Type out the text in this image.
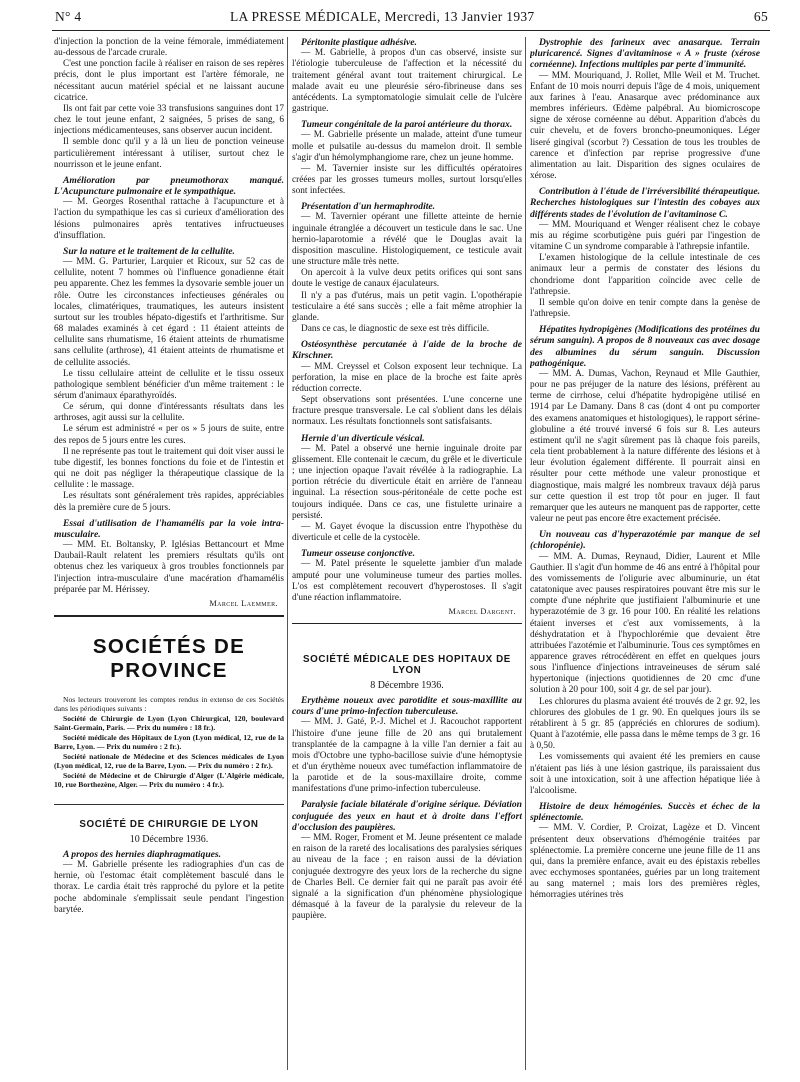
N° 4	LA PRESSE MÉDICALE, Mercredi, 13 Janvier 1937	65

d'injection la ponction de la veine fémorale, immédiatement au-dessous de l'arcade crurale.

C'est une ponction facile à réaliser en raison de ses repères précis, dont le plus important est l'artère fémorale, ne nécessitant aucun matériel spécial et ne laissant aucune cicatrice.

Ils ont fait par cette voie 33 transfusions sanguines dont 17 chez le tout jeune enfant, 2 saignées, 5 prises de sang, 6 injections médicamenteuses, sans observer aucun incident.

Il semble donc qu'il y a là un lieu de ponction veineuse particulièrement intéressant à utiliser, surtout chez le nourrisson et le jeune enfant.

Amélioration par pneumothorax manqué. L'Acupuncture pulmonaire et le sympathique.

— M. Georges Rosenthal rattache à l'acupuncture et à l'action du sympathique les cas si curieux d'amélioration des lésions pulmonaires après tentatives infructueuses d'insufflation.

Sur la nature et le traitement de la cellulite.

— MM. G. Parturier, Larquier et Ricoux, sur 52 cas de cellulite, notent 7 hommes où l'influence gonadienne était peu apparente. Chez les femmes la dysovarie semble jouer un rôle. Outre les circonstances infectieuses générales ou locales, climatériques, traumatiques, les auteurs insistent surtout sur les troubles hépato-digestifs et l'arthritisme. Sur 68 malades examinés à cet égard : 11 étaient atteints de cellulite sans rhumatisme, 16 étaient atteints de rhumatisme sans cellulite (arthrose), 41 étaient atteints de rhumatisme et de cellulite associés.

Le tissu cellulaire atteint de cellulite et le tissu osseux pathologique semblent bénéficier d'un même traitement : le sérum d'animaux éparathyroïdés.

Ce sérum, qui donne d'intéressants résultats dans les arthroses, agit aussi sur la cellulite.

Le sérum est administré « per os » 5 jours de suite, entre des repos de 5 jours entre les cures.

Il ne représente pas tout le traitement qui doit viser aussi le tube digestif, les bonnes fonctions du foie et de l'intestin et qui ne doit pas négliger la thérapeutique classique de la cellulite : le massage.

Les résultats sont généralement très rapides, appréciables dès la première cure de 5 jours.

Essai d'utilisation de l'hamamélis par la voie intra-musculaire.

— MM. Et. Boltansky, P. Iglésias Bettancourt et Mme Daubail-Rault relatent les premiers résultats qu'ils ont obtenus chez les variqueux à gros troubles fonctionnels par l'injection intra-musculaire d'une macération d'hamamélis préparée par M. Hérissey.

Marcel Laemmer.
SOCIÉTÉS DE PROVINCE

Nos lecteurs trouveront les comptes rendus in extenso de ces Sociétés dans les périodiques suivants :

Société de Chirurgie de Lyon (Lyon Chirurgical, 120, boulevard Saint-Germain, Paris. — Prix du numéro : 18 fr.).

Société médicale des Hôpitaux de Lyon (Lyon médical, 12, rue de la Barre, Lyon. — Prix du numéro : 2 fr.).

Société nationale de Médecine et des Sciences médicales de Lyon (Lyon médical, 12, rue de la Barre, Lyon. — Prix du numéro : 2 fr.).

Société de Médecine et de Chirurgie d'Alger (L'Algérie médicale, 10, rue Borthezène, Alger. — Prix du numéro : 4 fr.).

SOCIÉTÉ DE CHIRURGIE DE LYON
10 Décembre 1936.

A propos des hernies diaphragmatiques.

— M. Gabrielle présente les radiographies d'un cas de hernie, où l'estomac était complètement basculé dans le thorax. Le cardia était très rapproché du pylore et la petite poche abdominale s'emplissait seule pendant l'ingestion barytée.

Péritonite plastique adhésive.

— M. Gabrielle, à propos d'un cas observé, insiste sur l'étiologie tuberculeuse de l'affection et la nécessité du traitement général avant tout traitement chirurgical. Le malade avait eu une pleurésie séro-fibrineuse dans ses antécédents. La symptomatologie simulait celle de l'ulcère gastrique.

Tumeur congénitale de la paroi antérieure du thorax.

— M. Gabrielle présente un malade, atteint d'une tumeur molle et pulsatile au-dessus du mamelon droit. Il semble s'agir d'un hémolymphangiome rare, chez un jeune homme.

— M. Tavernier insiste sur les difficultés opératoires créées par les grosses tumeurs molles, surtout lorsqu'elles sont infectées.

Présentation d'un hermaphrodite.

— M. Tavernier opérant une fillette atteinte de hernie inguinale étranglée a découvert un testicule dans le sac. Une hernio-laparotomie a révélé que le Douglas avait la disposition masculine. Histologiquement, ce testicule avait une structure mâle très nette.

On apercoit à la vulve deux petits orifices qui sont sans doute le vestige de canaux éjaculateurs.

Il n'y a pas d'utérus, mais un petit vagin. L'opothérapie testiculaire a été sans succès ; elle a fait même atrophier la glande.

Dans ce cas, le diagnostic de sexe est très difficile.

Ostéosynthèse percutanée à l'aide de la broche de Kirschner.

— MM. Creyssel et Colson exposent leur technique. La perforation, la mise en place de la broche est faite après réduction correcte.

Sept observations sont présentées. L'une concerne une fracture presque transversale. Le cal s'oblient dans les délais normaux. Les résultats fonctionnels sont satisfaisants.

Hernie d'un diverticule vésical.

— M. Patel a observé une hernie inguinale droite par glissement. Elle contenait le cæcum, du grêle et le diverticule ; une injection opaque l'avait révélée à la radiographie. La portion rétrécie du diverticule était en arrière de l'anneau inguinal. La résection sous-péritonéale de cette poche est toujours indiquée. Dans ce cas, une fistulette urinaire a persisté.

— M. Gayet évoque la discussion entre l'hypothèse du diverticule et celle de la cystocèle.

Tumeur osseuse conjonctive.

— M. Patel présente le squelette jambier d'un malade amputé pour une volumineuse tumeur des parties molles. L'os est complètement recouvert d'hyperostoses. Il s'agit d'une réaction inflammatoire.

Marcel Dargent.
SOCIÉTÉ MÉDICALE DES HOPITAUX DE LYON
8 Décembre 1936.

Erythème noueux avec parotidite et sous-maxillite au cours d'une primo-infection tuberculeuse.

— MM. J. Gaté, P.-J. Michel et J. Racouchot rapportent l'histoire d'une jeune fille de 20 ans qui brutalement transplantée de la campagne à la ville l'an dernier a fait au mois d'Octobre une typho-bacillose suivie d'une hémoptysie et d'un érythème noueux avec tuméfaction inflammatoire de la parotide et de la sous-maxillaire droite, comme manifestations d'une primo-infection tuberculeuse.

Paralysie faciale bilatérale d'origine sérique. Déviation conjuguée des yeux en haut et à droite dans l'effort d'occlusion des paupières.

— MM. Roger, Froment et M. Jeune présentent ce malade en raison de la rareté des localisations des paralysies sériques au niveau de la face ; en raison aussi de la déviation conjuguée dextrogyre des yeux lors de la recherche du signe de Charles Bell. Ce dernier fait qui ne paraît pas avoir été signalé a la signification d'un phénomène physiologique démasqué à la faveur de la paralysie du releveur de la paupière.

Dystrophie des farineux avec anasarque. Terrain pluricarencé. Signes d'avitaminose « A » fruste (xérose cornéenne). Infections multiples par perte d'immunité.

— MM. Mouriquand, J. Rollet, Mlle Weil et M. Truchet. Enfant de 10 mois nourri depuis l'âge de 4 mois, uniquement aux farines à l'eau. Anasarque avec prédominance aux membres inférieurs. Œdème palpébral. Au biomicroscope signe de xérose cornéenne au début. Apparition d'abcès du cuir chevelu, et de fovers broncho-pneumoniques. Léger liseré gingival (scorbut ?) Cessation de tous les troubles de carence et d'infection par reprise progressive d'une alimentation au lait. Disparition des signes oculaires de xérose.

Contribution à l'étude de l'irréversibilité thérapeutique. Recherches histologiques sur l'intestin des cobayes aux différents stades de l'évolution de l'avitaminose C.

— MM. Mouriquand et Wenger réalisent chez le cobaye mis au régime scorbutigène puis guéri par l'ingestion de vitamine C un syndrome comparable à l'athrepsie infantile.

L'examen histologique de la cellule intestinale de ces animaux leur a permis de constater des lésions du chondriome dont l'apparition coïncide avec celle de l'athrepsie.

Il semble qu'on doive en tenir compte dans la genèse de l'athrepsie.

Hépatites hydropigènes (Modifications des protéines du sérum sanguin). A propos de 8 nouveaux cas avec dosage des albumines du sérum sanguin. Discussion pathogénique.

— MM. A. Dumas, Vachon, Reynaud et Mlle Gauthier, pour ne pas préjuger de la nature des lésions, préfèrent au terme de cirrhose, celui d'hépatite hydropigène utilisé en 1914 par Le Damany. Dans 8 cas (dont 4 ont pu comporter des examens anatomiques et histologiques), le rapport sérine-globuline a été trouvé inversé 6 fois sur 8. Les auteurs estiment qu'il ne s'agit sûrement pas là chaque fois pareils, cela tient probablement à la nature différente des lésions et à leur évolution également différente. Il pourrait ainsi en résulter pour cette méthode une valeur pronostique et diagnostique, mais malgré les nombreux travaux déjà parus sur cette question il est trop tôt pour en juger. Il faut remarquer que les auteurs ne manquent pas de rapporter, cette valeur ne peut pas encore être exactement précisée.

Un nouveau cas d'hyperazotémie par manque de sel (chloropénie).

— MM. A. Dumas, Reynaud, Didier, Laurent et Mlle Gauthier. Il s'agit d'un homme de 46 ans entré à l'hôpital pour des vomissements de l'oligurie avec albuminurie, un état catatonique avec pauses respiratoires pouvant être mis sur le compte d'une néphrite que justifiaient l'albuminurie et une hyperazotémie de 3 gr. 16 pour 100. En réalité les relations étaient inverses et c'est aux vomissements, à la déshydratation et à l'hypochlorémie que devaient être attribuées l'azotémie et l'albuminurie. Tous ces symptômes en apparence graves rétrocédèrent en effet en quelques jours sous l'influence d'injections intraveineuses de sérum salé hypertonique (injections quotidiennes de 20 cmc d'une solution à 20 pour 100, soit 4 gr. de sel par jour).

Les chlorures du plasma avaient été trouvés de 2 gr. 92, les chlorures des globules de 1 gr. 90. En quelques jours ils se rétablirent à 5 gr. 85 (appréciés en chlorures de sodium). Quant à l'azotémie, elle passa dans le même temps de 3 gr. 16 à 0,50.

Les vomissements qui avaient été les premiers en cause n'étaient pas liés à une lésion gastrique, ils paraissaient dus soit à une intoxication, soit à une affection hépatique liée à l'alcoolisme.

Histoire de deux hémogénies. Succès et échec de la splénectomie.

— MM. V. Cordier, P. Croizat, Lagèze et D. Vincent présentent deux observations d'hémogénie traitées par splénectomie. La première concerne une jeune fille de 11 ans qui, dans la première enfance, avait eu des épistaxis rebelles avec ecchymoses spontanées, guéries par un long traitement au sang maternel ; mais lors des premières règles, hémorragies utérines très
